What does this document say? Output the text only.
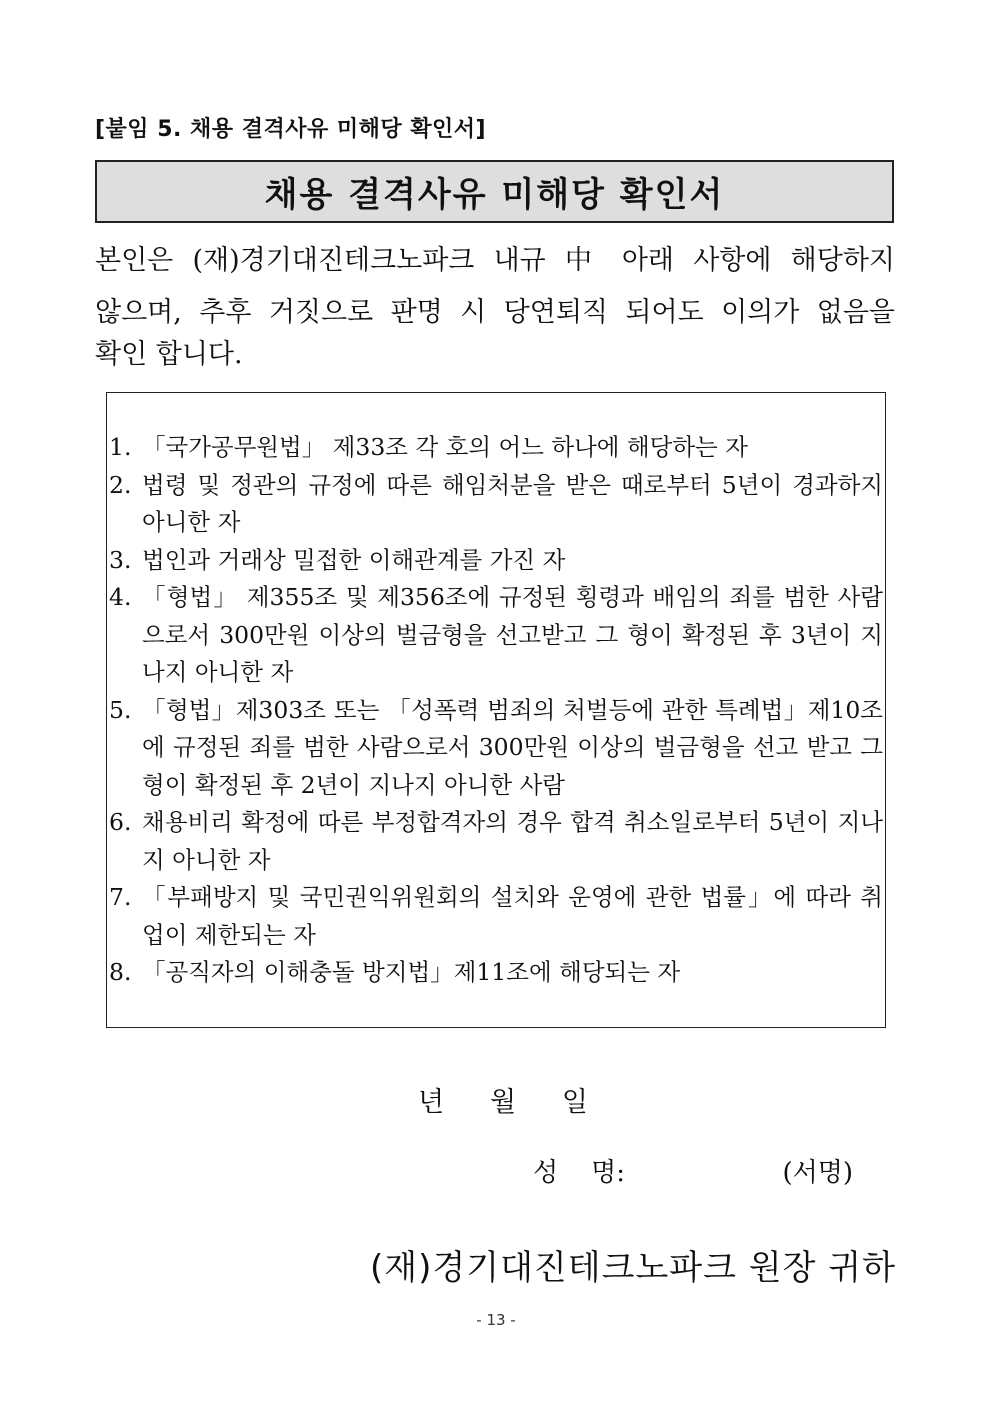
[붙임 5. 채용 결격사유 미해당 확인서]
채용 결격사유 미해당 확인서

본인은 (재)경기대진테크노파크 내규 中 아래 사항에 해당하지
않으며, 추후 거짓으로 판명 시 당연퇴직 되어도 이의가 없음을

확인 합니다.

1. 「국가공무원법」 제33조 각 호의 어느 하나에 해당하는 자
2. 법령 및 정관의 규정에 따른 해임처분을 받은 때로부터 5년이 경과하지 아니한 자
3. 법인과 거래상 밀접한 이해관계를 가진 자
4. 「형법」 제355조 및 제356조에 규정된 횡령과 배임의 죄를 범한 사람으로서 300만원 이상의 벌금형을 선고받고 그 형이 확정된 후 3년이 지나지 아니한 자
5. 「형법」제303조 또는 「성폭력 범죄의 처벌등에 관한 특례법」제10조에 규정된 죄를 범한 사람으로서 300만원 이상의 벌금형을 선고 받고 그 형이 확정된 후 2년이 지나지 아니한 사람
6. 채용비리 확정에 따른 부정합격자의 경우 합격 취소일로부터 5년이 지나지 아니한 자
7. 「부패방지 및 국민권익위원회의 설치와 운영에 관한 법률」에 따라 취업이 제한되는 자
8. 「공직자의 이해충돌 방지법」제11조에 해당되는 자
년 월 일
성    명:	(서명)
(재)경기대진테크노파크 원장 귀하
- 13 -
